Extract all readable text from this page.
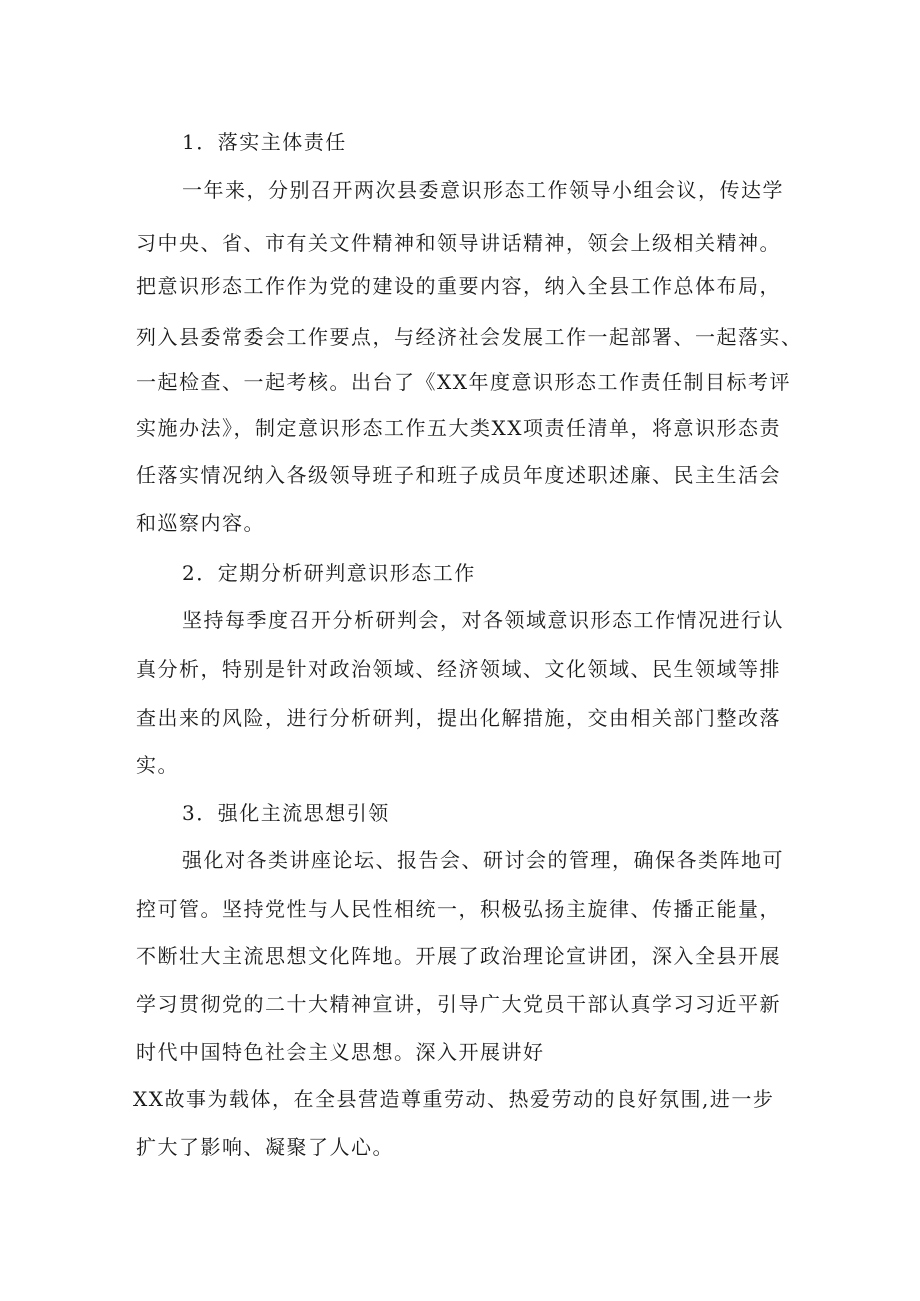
1．落实主体责任
一年来，分别召开两次县委意识形态工作领导小组会议，传达学
习中央、省、市有关文件精神和领导讲话精神，领会上级相关精神。
把意识形态工作作为党的建设的重要内容，纳入全县工作总体布局，
列入县委常委会工作要点，与经济社会发展工作一起部署、一起落实、
一起检查、一起考核。出台了《XX年度意识形态工作责任制目标考评
实施办法》，制定意识形态工作五大类XX项责任清单，将意识形态责
任落实情况纳入各级领导班子和班子成员年度述职述廉、民主生活会
和巡察内容。
2．定期分析研判意识形态工作
坚持每季度召开分析研判会，对各领域意识形态工作情况进行认
真分析，特别是针对政治领域、经济领域、文化领域、民生领域等排
查出来的风险，进行分析研判，提出化解措施，交由相关部门整改落
实。
3．强化主流思想引领
强化对各类讲座论坛、报告会、研讨会的管理，确保各类阵地可
控可管。坚持党性与人民性相统一，积极弘扬主旋律、传播正能量，
不断壮大主流思想文化阵地。开展了政治理论宣讲团，深入全县开展
学习贯彻党的二十大精神宣讲，引导广大党员干部认真学习习近平新
时代中国特色社会主义思想。深入开展讲好
XX故事为载体，在全县营造尊重劳动、热爱劳动的良好氛围,进一步
扩大了影响、凝聚了人心。
